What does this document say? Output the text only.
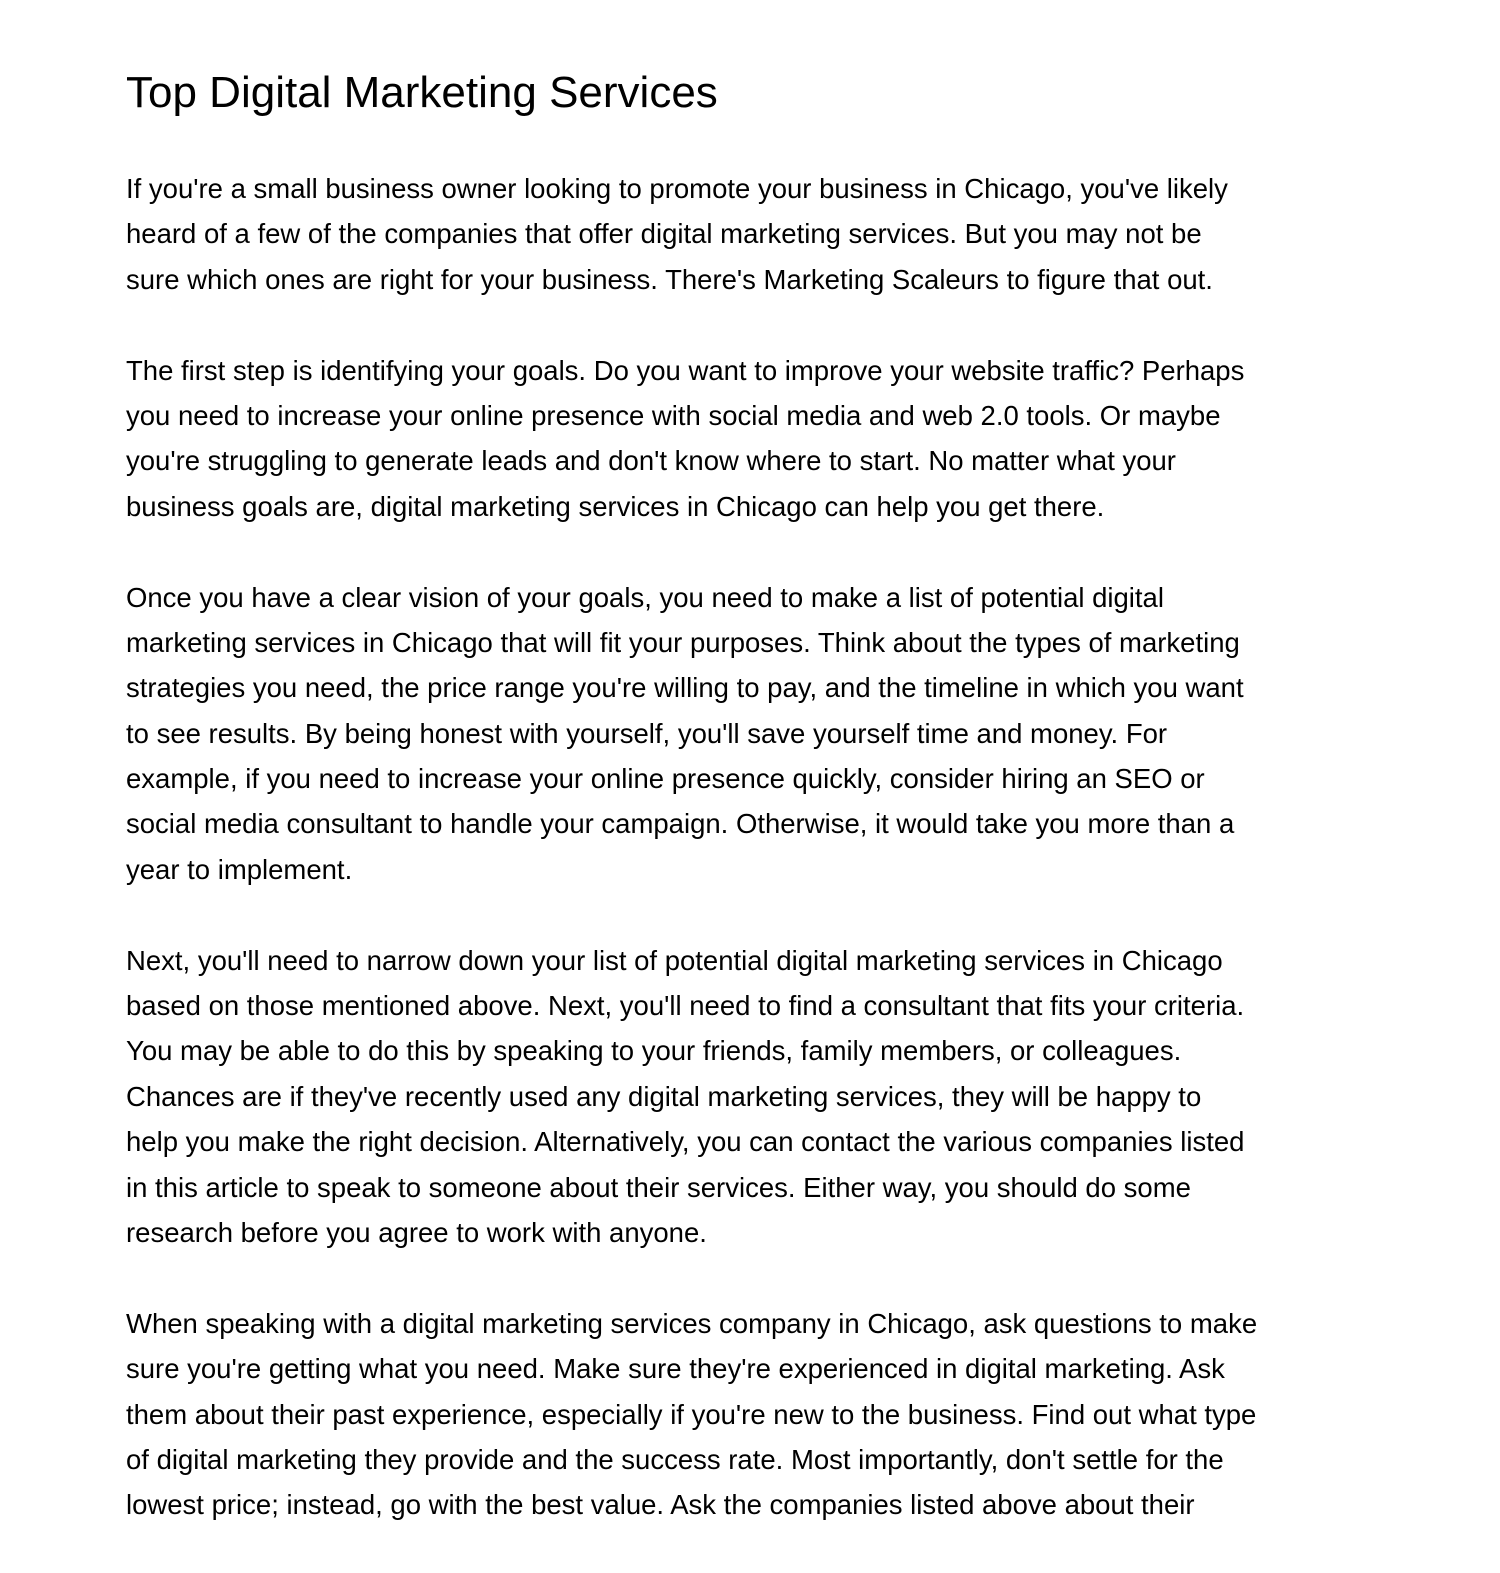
Top Digital Marketing Services

If you're a small business owner looking to promote your business in Chicago, you've likely
heard of a few of the companies that offer digital marketing services. But you may not be
sure which ones are right for your business. There's Marketing Scaleurs to figure that out.

The first step is identifying your goals. Do you want to improve your website traffic? Perhaps
you need to increase your online presence with social media and web 2.0 tools. Or maybe
you're struggling to generate leads and don't know where to start. No matter what your
business goals are, digital marketing services in Chicago can help you get there.

Once you have a clear vision of your goals, you need to make a list of potential digital
marketing services in Chicago that will fit your purposes. Think about the types of marketing
strategies you need, the price range you're willing to pay, and the timeline in which you want
to see results. By being honest with yourself, you'll save yourself time and money. For
example, if you need to increase your online presence quickly, consider hiring an SEO or
social media consultant to handle your campaign. Otherwise, it would take you more than a
year to implement.

Next, you'll need to narrow down your list of potential digital marketing services in Chicago
based on those mentioned above. Next, you'll need to find a consultant that fits your criteria.
You may be able to do this by speaking to your friends, family members, or colleagues.
Chances are if they've recently used any digital marketing services, they will be happy to
help you make the right decision. Alternatively, you can contact the various companies listed
in this article to speak to someone about their services. Either way, you should do some
research before you agree to work with anyone.

When speaking with a digital marketing services company in Chicago, ask questions to make
sure you're getting what you need. Make sure they're experienced in digital marketing. Ask
them about their past experience, especially if you're new to the business. Find out what type
of digital marketing they provide and the success rate. Most importantly, don't settle for the
lowest price; instead, go with the best value. Ask the companies listed above about their
